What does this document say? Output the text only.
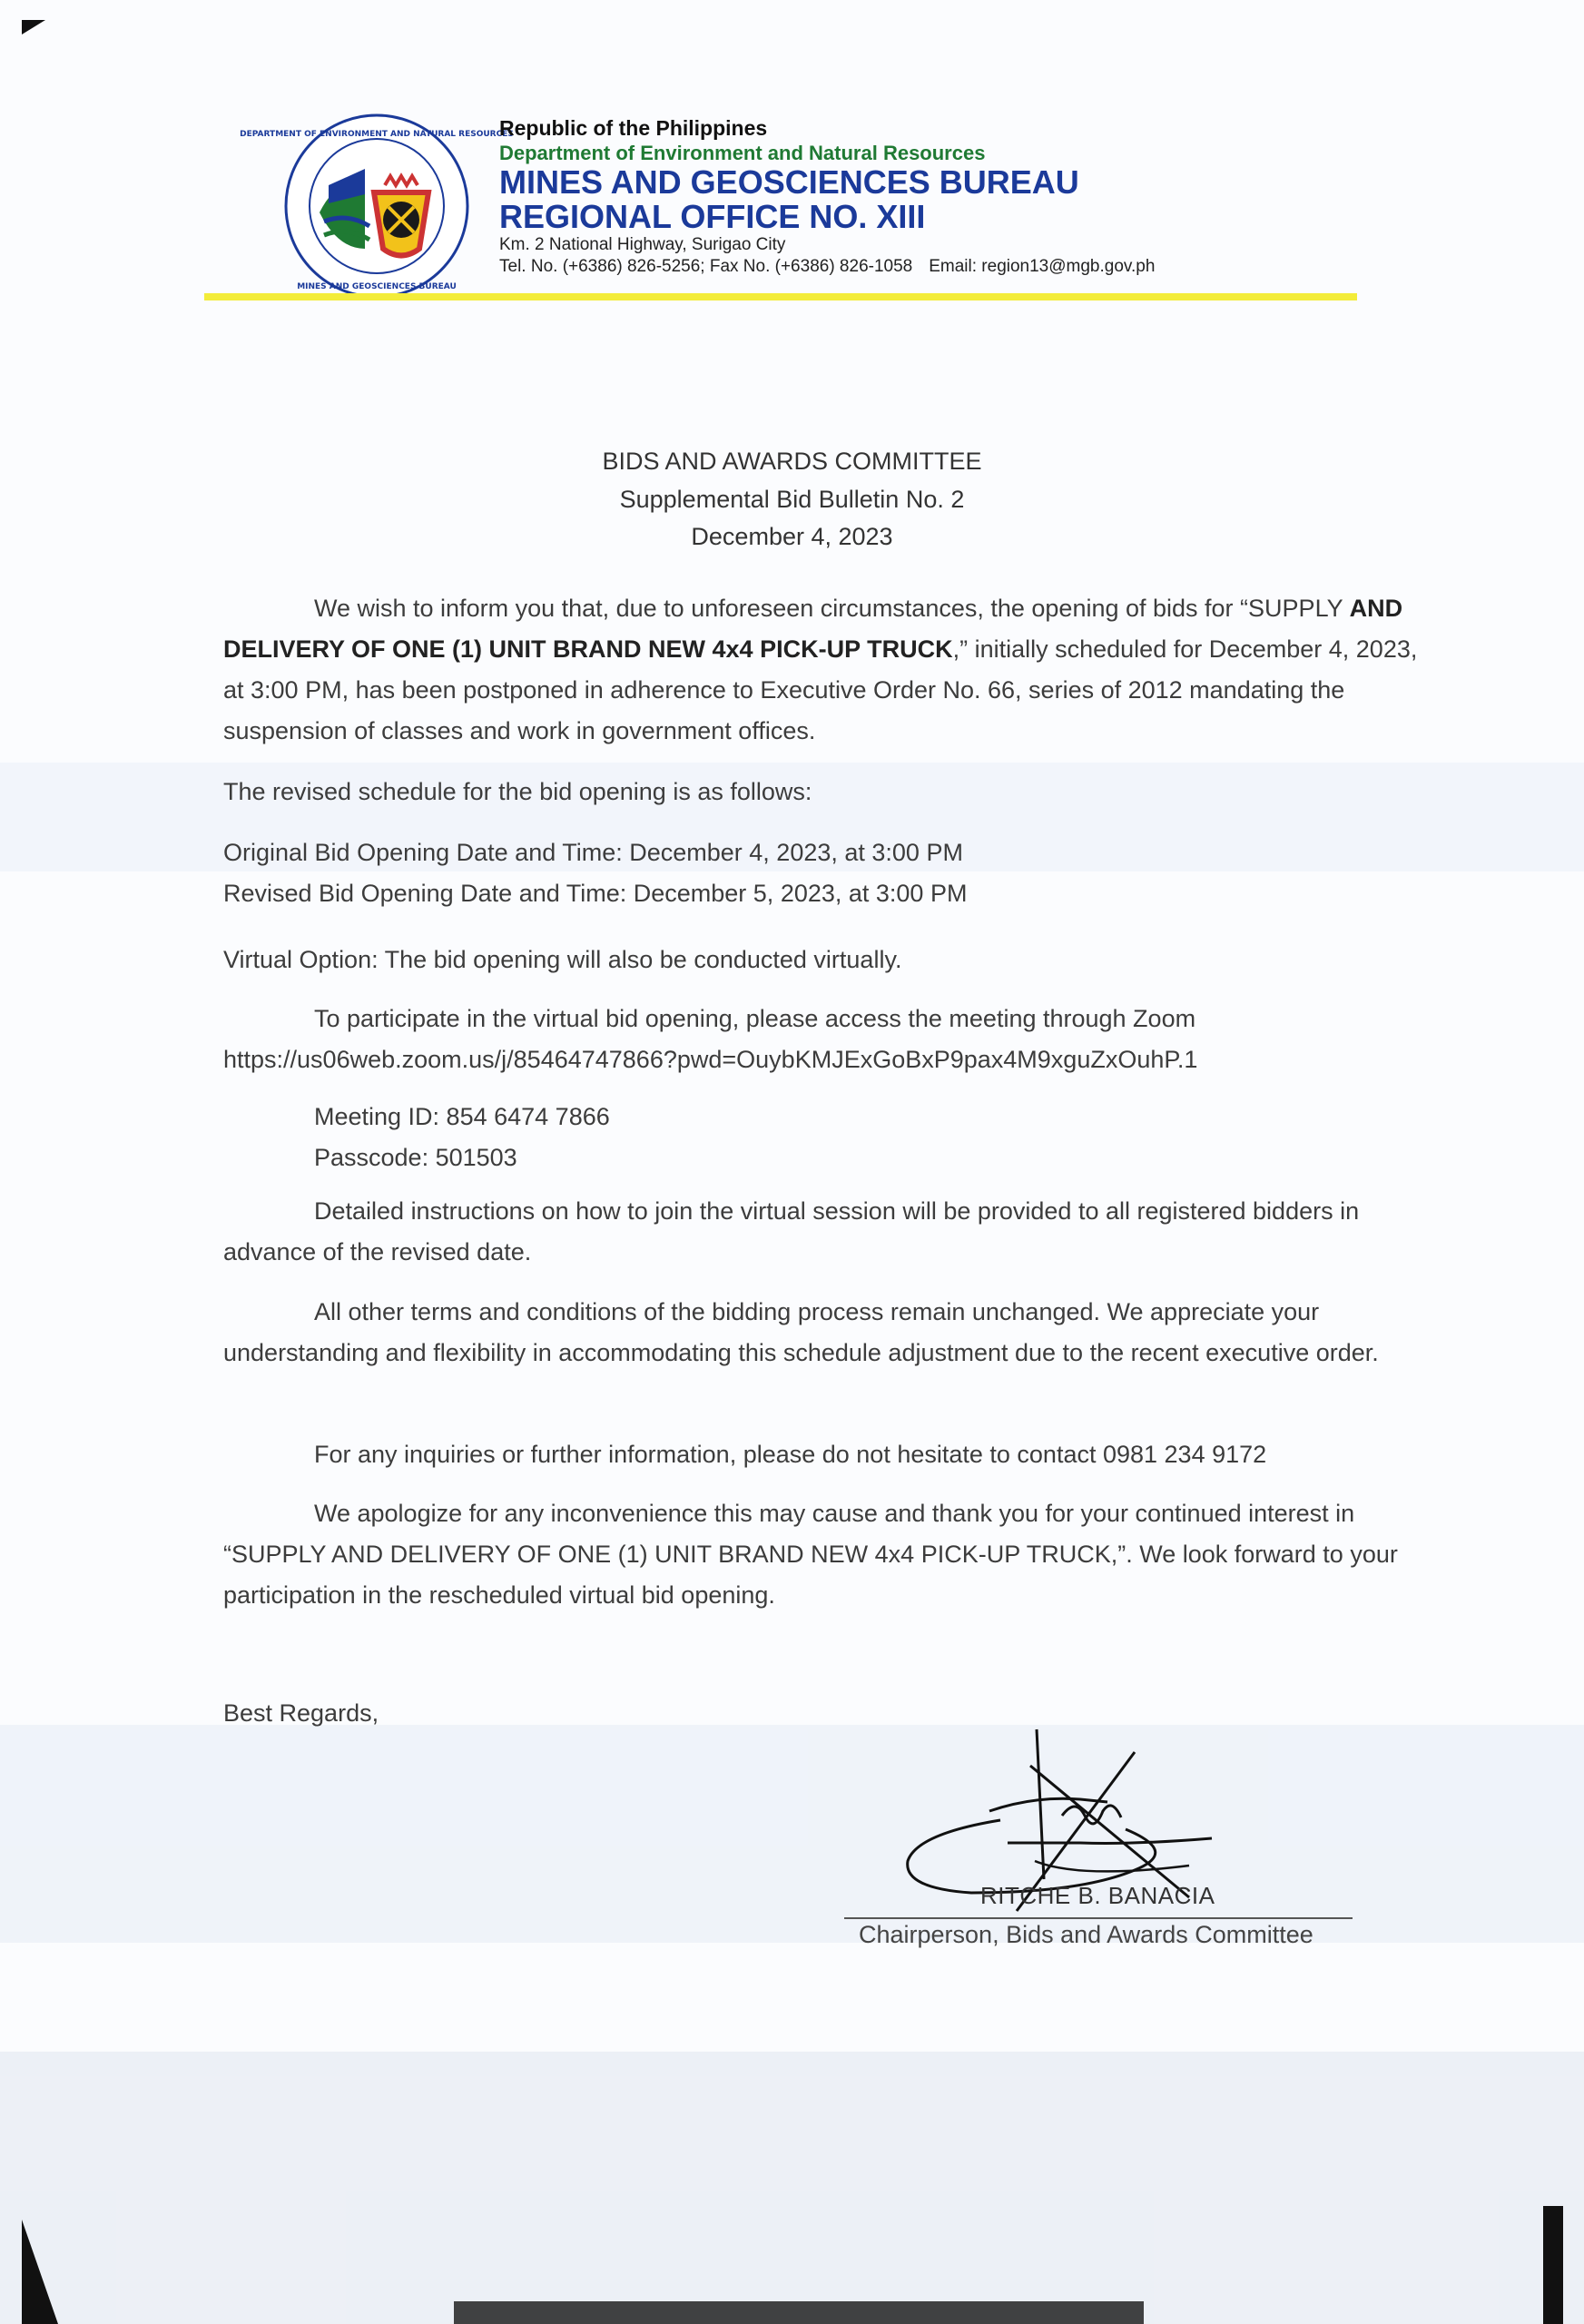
DEPARTMENT OF ENVIRONMENT AND NATURAL RESOURCES
MINES AND GEOSCIENCES BUREAU
Republic of the Philippines
Department of Environment and Natural Resources
MINES AND GEOSCIENCES BUREAU
REGIONAL OFFICE NO. XIII
Km. 2 National Highway, Surigao City
Tel. No. (+6386) 826-5256; Fax No. (+6386) 826-1058 Email: region13@mgb.gov.ph
BIDS AND AWARDS COMMITTEE
Supplemental Bid Bulletin No. 2
December 4, 2023
We wish to inform you that, due to unforeseen circumstances, the opening of bids for “SUPPLY AND DELIVERY OF ONE (1) UNIT BRAND NEW 4x4 PICK-UP TRUCK,” initially scheduled for December 4, 2023, at 3:00 PM, has been postponed in adherence to Executive Order No. 66, series of 2012 mandating the suspension of classes and work in government offices.
The revised schedule for the bid opening is as follows:
Original Bid Opening Date and Time: December 4, 2023, at 3:00 PM
Revised Bid Opening Date and Time: December 5, 2023, at 3:00 PM
Virtual Option: The bid opening will also be conducted virtually.
To participate in the virtual bid opening, please access the meeting through Zoom
https://us06web.zoom.us/j/85464747866?pwd=OuybKMJExGoBxP9pax4M9xguZxOuhP.1
Meeting ID: 854 6474 7866
Passcode: 501503
Detailed instructions on how to join the virtual session will be provided to all registered bidders in advance of the revised date.
All other terms and conditions of the bidding process remain unchanged. We appreciate your understanding and flexibility in accommodating this schedule adjustment due to the recent executive order.
For any inquiries or further information, please do not hesitate to contact 0981 234 9172
We apologize for any inconvenience this may cause and thank you for your continued interest in “SUPPLY AND DELIVERY OF ONE (1) UNIT BRAND NEW 4x4 PICK-UP TRUCK,”. We look forward to your participation in the rescheduled virtual bid opening.
Best Regards,
RITCHE B. BANACIA
Chairperson, Bids and Awards Committee
